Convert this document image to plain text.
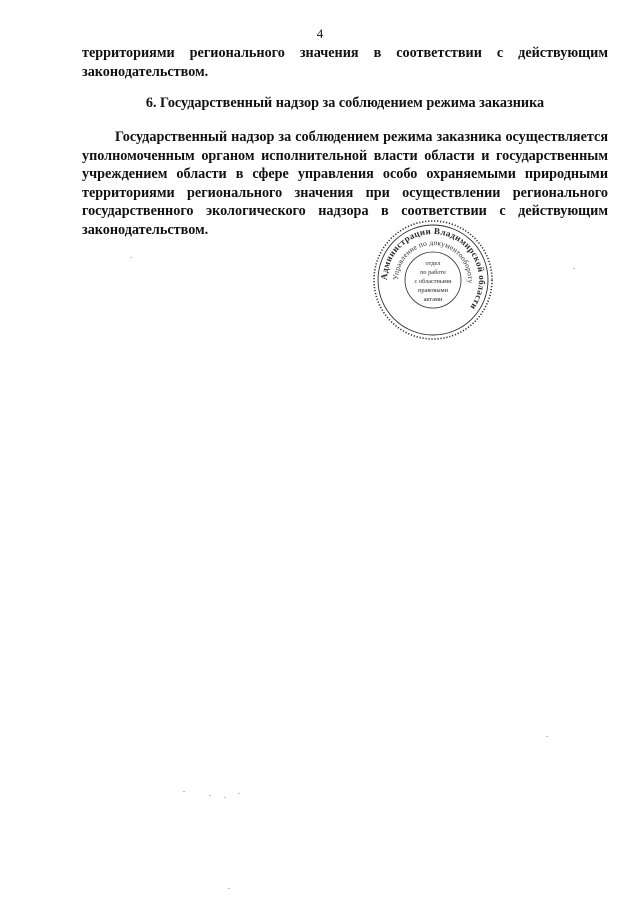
4
территориями регионального значения в соответствии с действующим законодательством.
6. Государственный надзор за соблюдением режима заказника
Государственный надзор за соблюдением режима заказника осуществляется уполномоченным органом исполнительной власти области и государственным учреждением области в сфере управления особо охраняемыми природными территориями регионального значения при осуществлении регионального государственного экологического надзора в соответствии с действующим законодательством.
Администрации Владимирской области
Управление по документообороту
отдел
по работе
с областными
правовыми
актами
